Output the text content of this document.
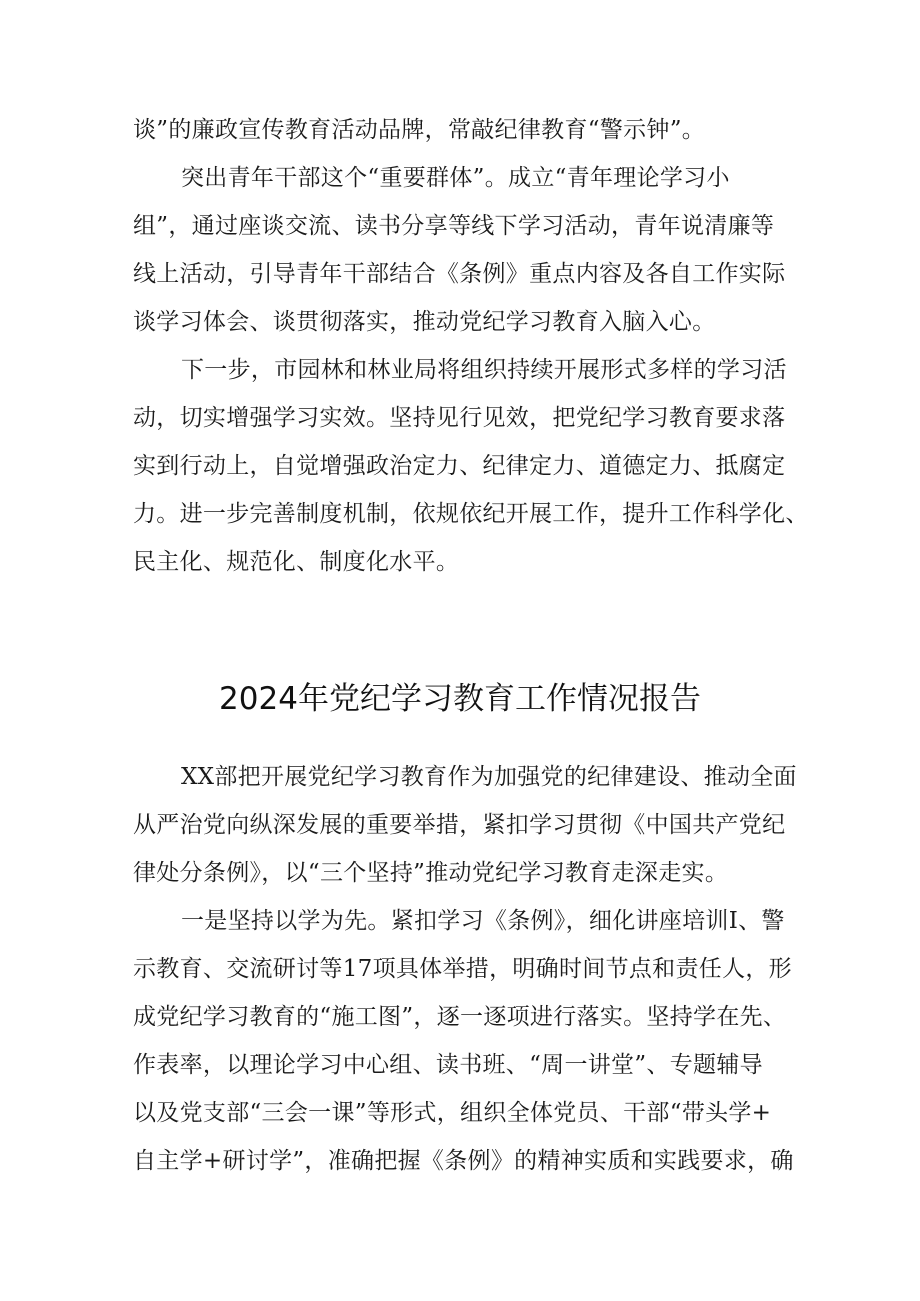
谈”的廉政宣传教育活动品牌，常敲纪律教育“警示钟”。
突出青年干部这个“重要群体”。成立“青年理论学习小
组”，通过座谈交流、读书分享等线下学习活动，青年说清廉等
线上活动，引导青年干部结合《条例》重点内容及各自工作实际
谈学习体会、谈贯彻落实，推动党纪学习教育入脑入心。
下一步，市园林和林业局将组织持续开展形式多样的学习活
动，切实增强学习实效。坚持见行见效，把党纪学习教育要求落
实到行动上，自觉增强政治定力、纪律定力、道德定力、抵腐定
力。进一步完善制度机制，依规依纪开展工作，提升工作科学化、
民主化、规范化、制度化水平。
2024年党纪学习教育工作情况报告
XX部把开展党纪学习教育作为加强党的纪律建设、推动全面
从严治党向纵深发展的重要举措，紧扣学习贯彻《中国共产党纪
律处分条例》，以“三个坚持”推动党纪学习教育走深走实。
一是坚持以学为先。紧扣学习《条例》，细化讲座培训I、警
示教育、交流研讨等17项具体举措，明确时间节点和责任人，形
成党纪学习教育的“施工图”，逐一逐项进行落实。坚持学在先、
作表率，以理论学习中心组、读书班、“周一讲堂”、专题辅导
以及党支部“三会一课”等形式，组织全体党员、干部“带头学+
自主学+研讨学”，准确把握《条例》的精神实质和实践要求，确
